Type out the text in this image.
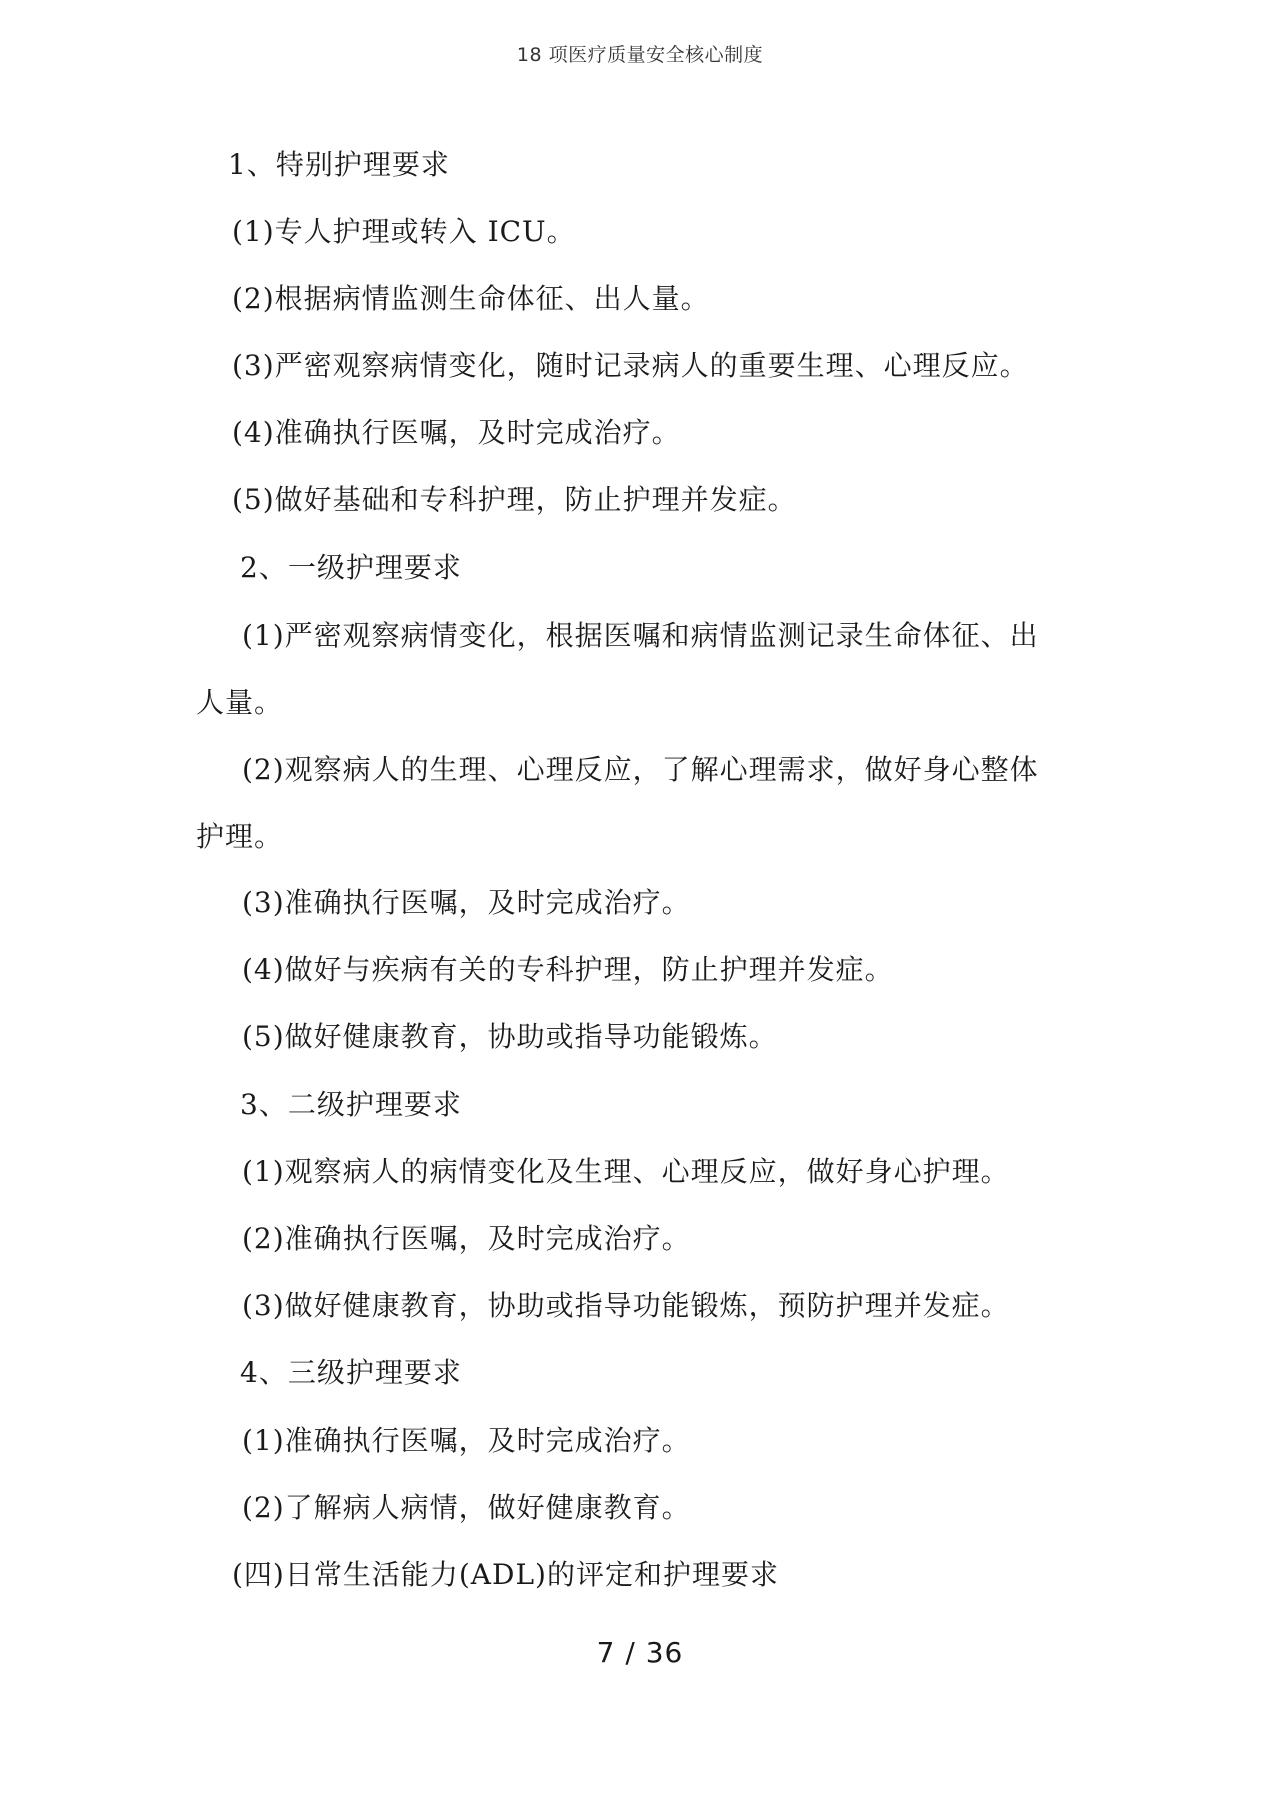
18 项医疗质量安全核心制度
1、特别护理要求
(1)专人护理或转入 ICU。
(2)根据病情监测生命体征、出人量。
(3)严密观察病情变化，随时记录病人的重要生理、心理反应。
(4)准确执行医嘱，及时完成治疗。
(5)做好基础和专科护理，防止护理并发症。
2、一级护理要求
(1)严密观察病情变化，根据医嘱和病情监测记录生命体征、出
人量。
(2)观察病人的生理、心理反应，了解心理需求，做好身心整体
护理。
(3)准确执行医嘱，及时完成治疗。
(4)做好与疾病有关的专科护理，防止护理并发症。
(5)做好健康教育，协助或指导功能锻炼。
3、二级护理要求
(1)观察病人的病情变化及生理、心理反应，做好身心护理。
(2)准确执行医嘱，及时完成治疗。
(3)做好健康教育，协助或指导功能锻炼，预防护理并发症。
4、三级护理要求
(1)准确执行医嘱，及时完成治疗。
(2)了解病人病情，做好健康教育。
(四)日常生活能力(ADL)的评定和护理要求
7 / 36
